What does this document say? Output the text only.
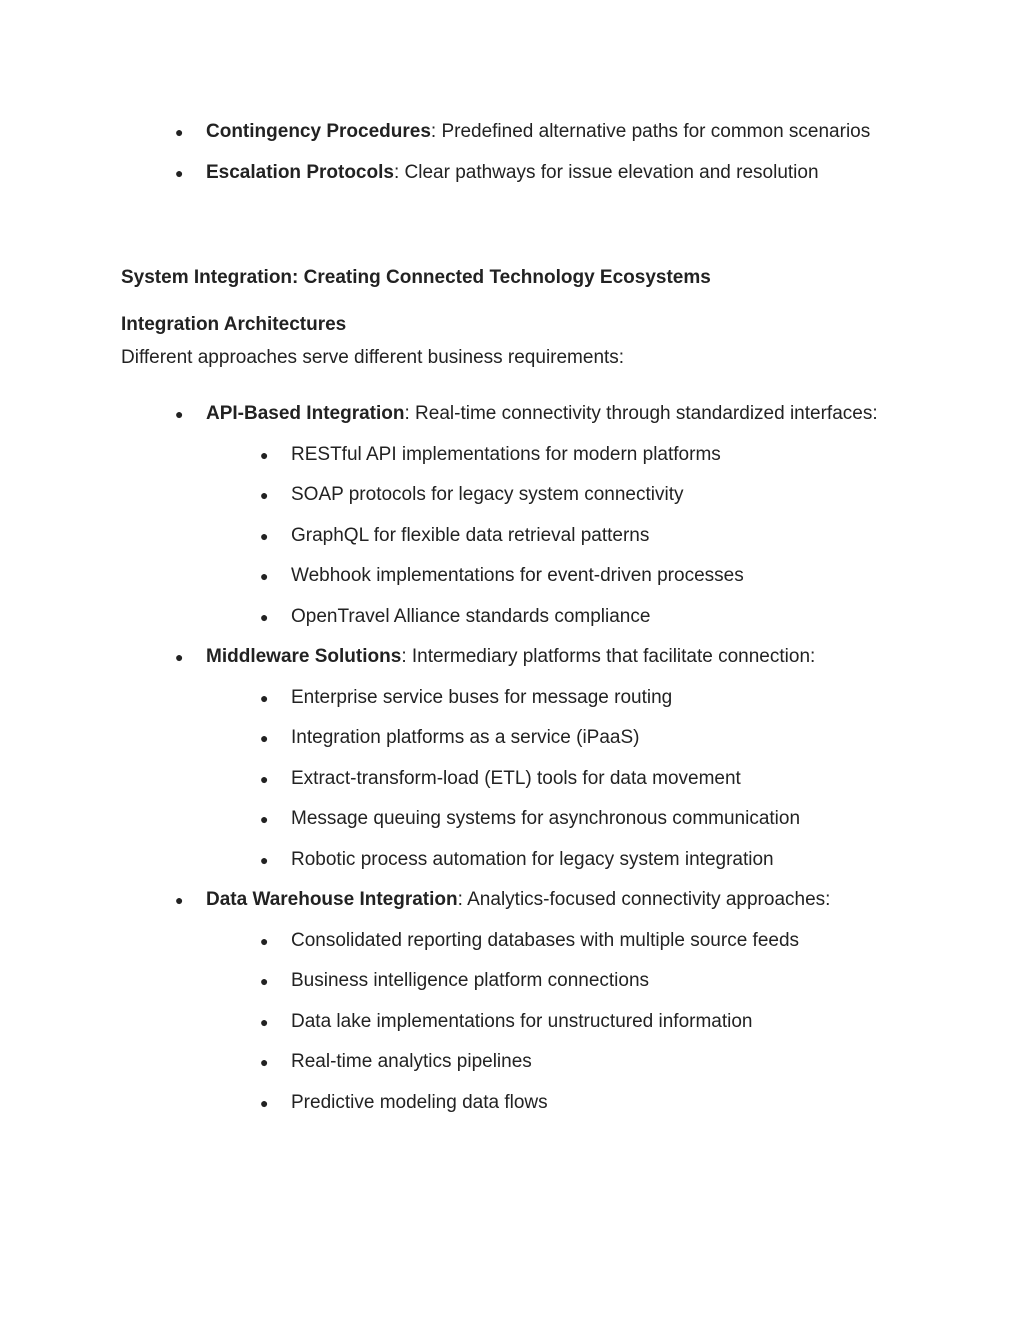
● Contingency Procedures: Predefined alternative paths for common scenarios
● Escalation Protocols: Clear pathways for issue elevation and resolution
System Integration: Creating Connected Technology Ecosystems
Integration Architectures

Different approaches serve different business requirements:

● API-Based Integration: Real-time connectivity through standardized interfaces:
● RESTful API implementations for modern platforms
● SOAP protocols for legacy system connectivity
● GraphQL for flexible data retrieval patterns
● Webhook implementations for event-driven processes
● OpenTravel Alliance standards compliance
● Middleware Solutions: Intermediary platforms that facilitate connection:
● Enterprise service buses for message routing
● Integration platforms as a service (iPaaS)
● Extract-transform-load (ETL) tools for data movement
● Message queuing systems for asynchronous communication
● Robotic process automation for legacy system integration
● Data Warehouse Integration: Analytics-focused connectivity approaches:
● Consolidated reporting databases with multiple source feeds
● Business intelligence platform connections
● Data lake implementations for unstructured information
● Real-time analytics pipelines
● Predictive modeling data flows
